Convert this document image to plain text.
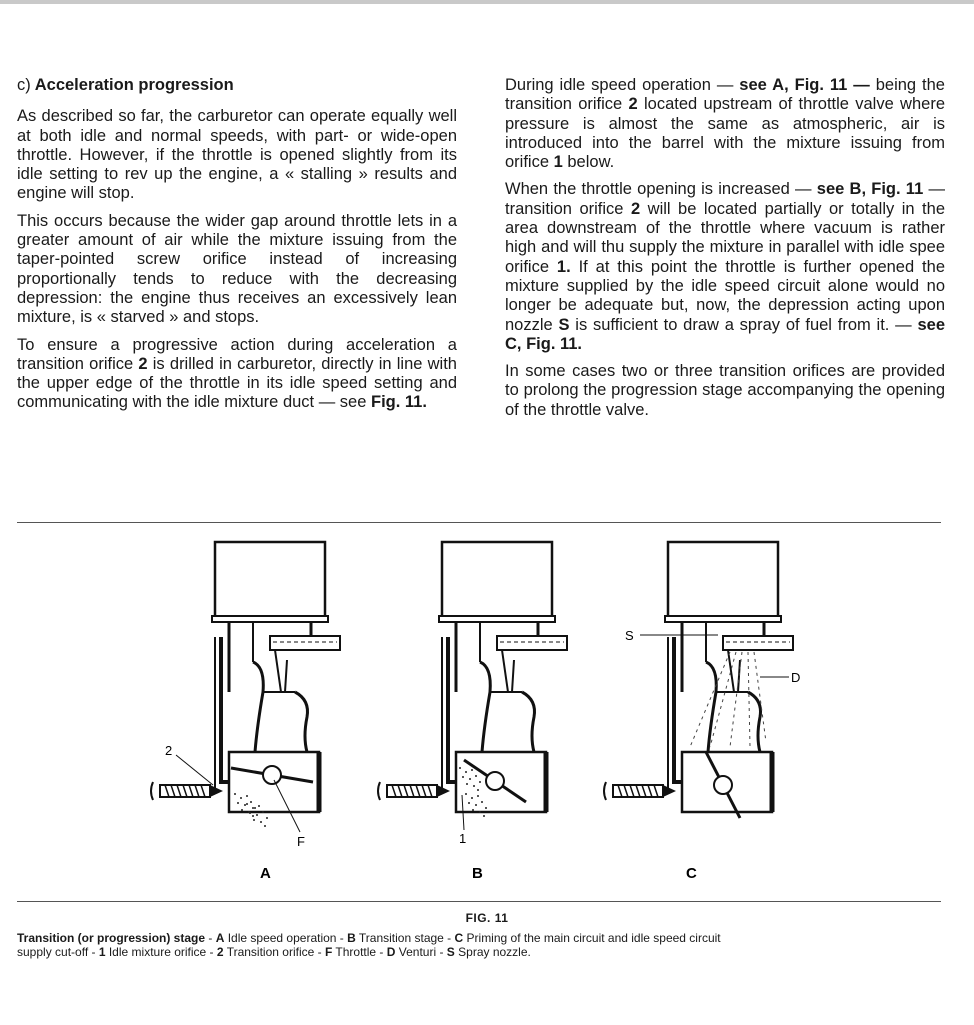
c) Acceleration progression

As described so far, the carburetor can operate equally well at both idle and normal speeds, with part- or wide-open throttle. However, if the throttle is opened slightly from its idle setting to rev up the engine, a « stalling » results and engine will stop.

This occurs because the wider gap around throttle lets in a greater amount of air while the mixture issuing from the taper-pointed screw orifice instead of increasing proportionally tends to reduce with the decreasing depression: the engine thus receives an excessively lean mixture, is « starved » and stops.

To ensure a progressive action during acceleration a transition orifice 2 is drilled in carburetor, directly in line with the upper edge of the throttle in its idle speed setting and communicating with the idle mixture duct — see Fig. 11.

During idle speed operation — see A, Fig. 11 — being the transition orifice 2 located upstream of throttle valve where pressure is almost the same as atmospheric, air is introduced into the barrel with the mixture issuing from orifice 1 below.

When the throttle opening is increased — see B, Fig. 11 — transition orifice 2 will be located partially or totally in the area downstream of the throttle where vacuum is rather high and will thu supply the mixture in parallel with idle spee orifice 1. If at this point the throttle is further opened the mixture supplied by the idle speed circuit alone would no longer be adequate but, now, the depression acting upon nozzle S is sufficient to draw a spray of fuel from it. — see C, Fig. 11.

In some cases two or three transition orifices are provided to prolong the progression stage accompanying the opening of the throttle valve.

2
F
A
1
B
S
D
C
FIG. 11
Transition (or progression) stage - A Idle speed operation - B Transition stage - C Priming of the main circuit and idle speed circuit
supply cut-off - 1 Idle mixture orifice - 2 Transition orifice - F Throttle - D Venturi - S Spray nozzle.
